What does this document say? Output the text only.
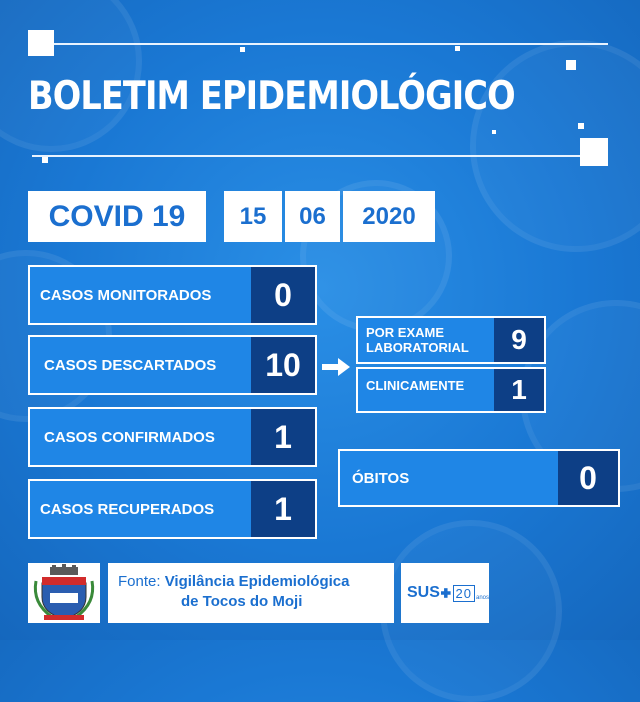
BOLETIM EPIDEMIOLÓGICO
COVID 19 15 06 2020
CASOS MONITORADOS	0
CASOS DESCARTADOS	10
CASOS CONFIRMADOS	1
CASOS RECUPERADOS	1
POR EXAME
LABORATORIAL	9
CLINICAMENTE	1
ÓBITOS	0
Fonte: Vigilância Epidemiológica
de Tocos do Moji
SUS 20 anos
